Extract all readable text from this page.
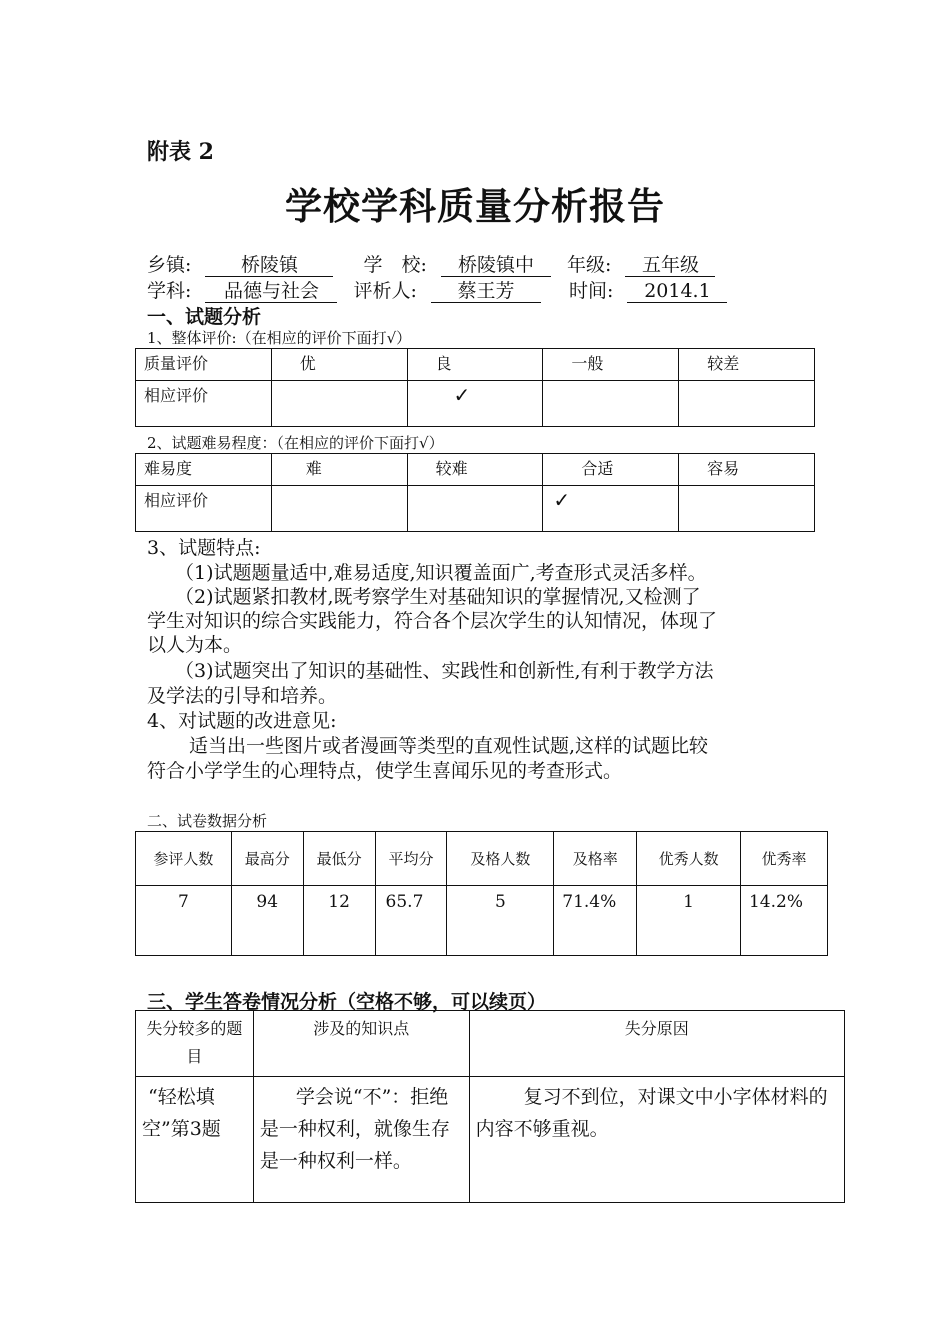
附表 2
学校学科质量分析报告
乡镇:	桥陵镇	学　校: 桥陵镇中 年级: 五年级
学科: 品德与社会 评析人: 蔡王芳	时间: 2014.1
一、试题分析
1、整体评价:（在相应的评价下面打√）
质量评价	优	良	一般	较差
相应评价		✓		
2、试题难易程度：（在相应的评价下面打√）
难易度	难	较难	合适	容易
相应评价			✓	
3、试题特点:
（1)试题题量适中,难易适度,知识覆盖面广,考查形式灵活多样。
（2)试题紧扣教材,既考察学生对基础知识的掌握情况,又检测了
学生对知识的综合实践能力，符合各个层次学生的认知情况，体现了
以人为本。
（3)试题突出了知识的基础性、实践性和创新性,有利于教学方法
及学法的引导和培养。
4、对试题的改进意见:
适当出一些图片或者漫画等类型的直观性试题,这样的试题比较
符合小学学生的心理特点，使学生喜闻乐见的考查形式。
二、试卷数据分析
参评人数	最高分	最低分	平均分	及格人数	及格率	优秀人数	优秀率
7	94	12	65.7	5	71.4%	1	14.2%
三、学生答卷情况分析（空格不够，可以续页）
失分较多的题目	涉及的知识点	失分原因
“轻松填空”第3题	学会说“不”：拒绝是一种权利，就像生存是一种权利一样。	复习不到位，对课文中小字体材料的内容不够重视。
